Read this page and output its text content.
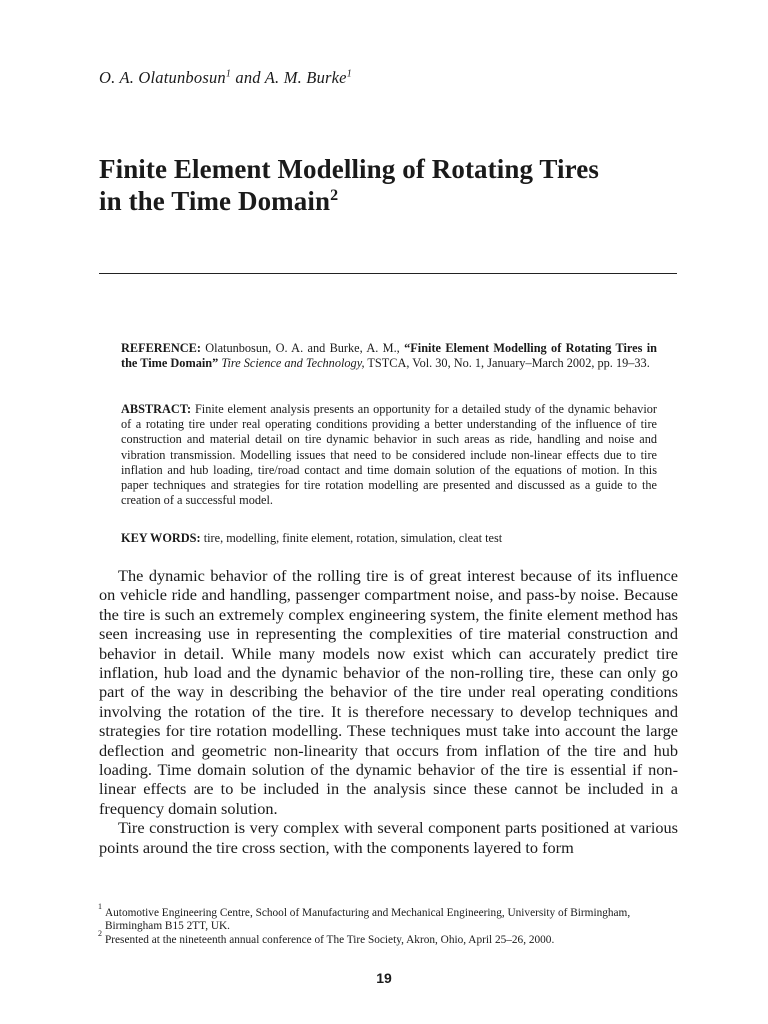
O. A. Olatunbosun$^1$ and A. M. Burke$^1$
Finite Element Modelling of Rotating Tires
in the Time Domain$^2$
REFERENCE: Olatunbosun, O. A. and Burke, A. M., “Finite Element Modelling of Rotating Tires in the Time Domain” Tire Science and Technology, TSTCA, Vol. 30, No. 1, January–March 2002, pp. 19–33.
ABSTRACT: Finite element analysis presents an opportunity for a detailed study of the dynamic behavior of a rotating tire under real operating conditions providing a better understanding of the influence of tire construction and material detail on tire dynamic behavior in such areas as ride, handling and noise and vibration transmission. Modelling issues that need to be considered include non-linear effects due to tire inflation and hub loading, tire/road contact and time domain solution of the equations of motion. In this paper techniques and strategies for tire rotation modelling are presented and discussed as a guide to the creation of a successful model.
KEY WORDS: tire, modelling, finite element, rotation, simulation, cleat test

The dynamic behavior of the rolling tire is of great interest because of its influence on vehicle ride and handling, passenger compartment noise, and pass-by noise. Because the tire is such an extremely complex engineering system, the finite element method has seen increasing use in representing the complexities of tire material construction and behavior in detail. While many models now exist which can accurately predict tire inflation, hub load and the dynamic behavior of the non-rolling tire, these can only go part of the way in describing the behavior of the tire under real operating conditions involving the rotation of the tire. It is therefore necessary to develop techniques and strategies for tire rotation modelling. These techniques must take into account the large deflection and geometric non-linearity that occurs from inflation of the tire and hub loading. Time domain solution of the dynamic behavior of the tire is essential if non-linear effects are to be included in the analysis since these cannot be included in a frequency domain solution.

Tire construction is very complex with several component parts positioned at various points around the tire cross section, with the components layered to form

1
Automotive Engineering Centre, School of Manufacturing and Mechanical Engineering, University of Birmingham, Birmingham B15 2TT, UK.
2
Presented at the nineteenth annual conference of The Tire Society, Akron, Ohio, April 25–26, 2000.
19
